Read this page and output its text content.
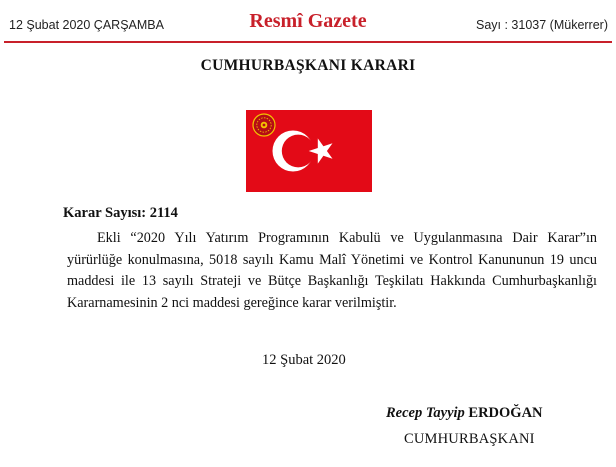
12 Şubat 2020 ÇARŞAMBA	Resmî Gazete	Sayı : 31037 (Mükerrer)
CUMHURBAŞKANI KARARI
Karar Sayısı: 2114

Ekli “2020 Yılı Yatırım Programının Kabulü ve Uygulanmasına Dair Karar”ın yürürlüğe konulmasına, 5018 sayılı Kamu Malî Yönetimi ve Kontrol Kanununun 19 uncu maddesi ile 13 sayılı Strateji ve Bütçe Başkanlığı Teşkilatı Hakkında Cumhurbaşkanlığı Kararnamesinin 2 nci maddesi gereğince karar verilmiştir.

12 Şubat 2020
Recep Tayyip ERDOĞAN
CUMHURBAŞKANI
